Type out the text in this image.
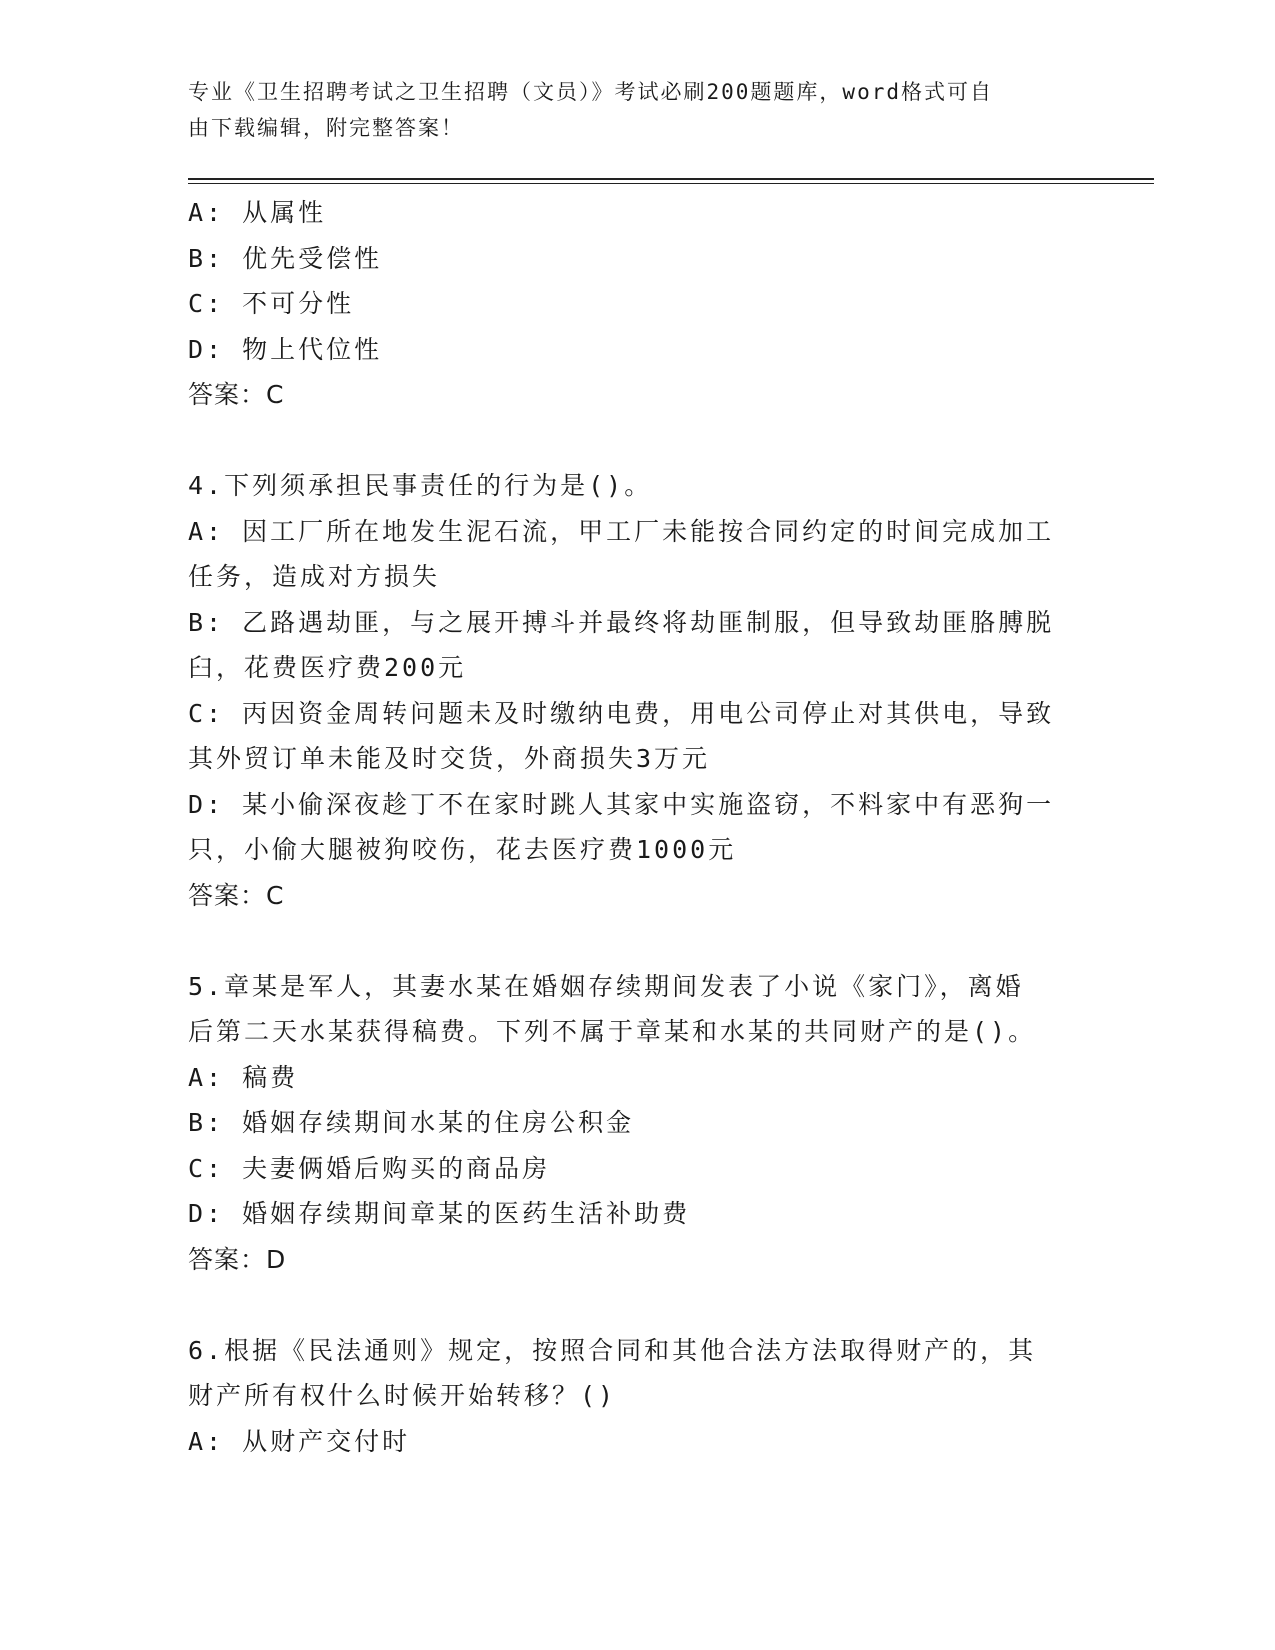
专业《卫生招聘考试之卫生招聘（文员）》考试必刷200题题库，word格式可自
由下载编辑，附完整答案！
A: 从属性
B: 优先受偿性
C: 不可分性
D: 物上代位性
答案：C
4.下列须承担民事责任的行为是()。
A: 因工厂所在地发生泥石流，甲工厂未能按合同约定的时间完成加工
任务，造成对方损失
B: 乙路遇劫匪，与之展开搏斗并最终将劫匪制服，但导致劫匪胳膊脱
臼，花费医疗费200元
C: 丙因资金周转问题未及时缴纳电费，用电公司停止对其供电，导致
其外贸订单未能及时交货，外商损失3万元
D: 某小偷深夜趁丁不在家时跳人其家中实施盗窃，不料家中有恶狗一
只，小偷大腿被狗咬伤，花去医疗费1000元
答案：C
5.章某是军人，其妻水某在婚姻存续期间发表了小说《家门》，离婚
后第二天水某获得稿费。下列不属于章某和水某的共同财产的是()。
A: 稿费
B: 婚姻存续期间水某的住房公积金
C: 夫妻俩婚后购买的商品房
D: 婚姻存续期间章某的医药生活补助费
答案：D
6.根据《民法通则》规定，按照合同和其他合法方法取得财产的，其
财产所有权什么时候开始转移？()
A: 从财产交付时
